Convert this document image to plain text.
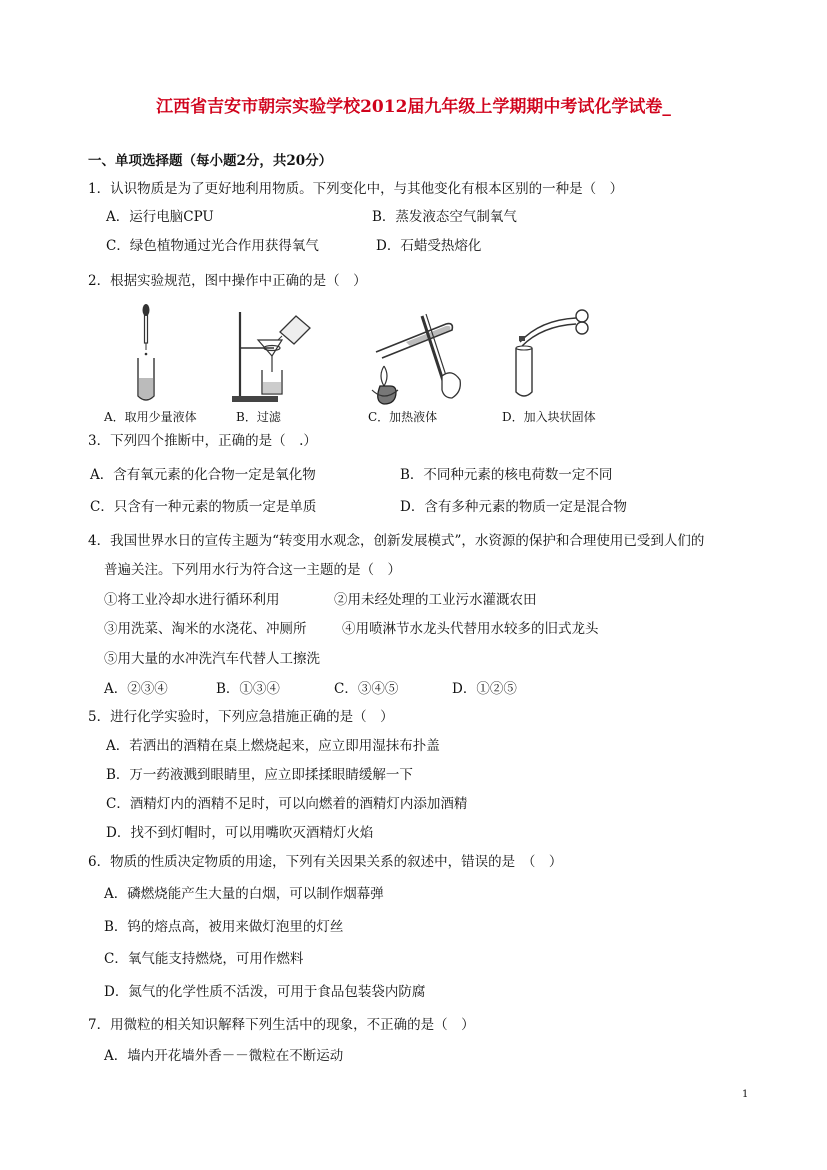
江西省吉安市朝宗实验学校2012届九年级上学期期中考试化学试卷_
一、单项选择题（每小题2分，共20分）
1．认识物质是为了更好地利用物质。下列变化中，与其他变化有根本区别的一种是（　）
A．运行电脑CPU	B．蒸发液态空气制氧气
C．绿色植物通过光合作用获得氧气	D．石蜡受热熔化
2．根据实验规范，图中操作中正确的是（　）
A．取用少量液体	B．过滤	C．加热液体	D．加入块状固体
3．下列四个推断中，正确的是（　.）
A．含有氧元素的化合物一定是氧化物	B．不同种元素的核电荷数一定不同
C．只含有一种元素的物质一定是单质	D．含有多种元素的物质一定是混合物
4．我国世界水日的宣传主题为“转变用水观念，创新发展模式”，水资源的保护和合理使用已受到人们的
普遍关注。下列用水行为符合这一主题的是（　）
①将工业冷却水进行循环利用	②用未经处理的工业污水灌溉农田
③用洗菜、淘米的水浇花、冲厕所	④用喷淋节水龙头代替用水较多的旧式龙头
⑤用大量的水冲洗汽车代替人工擦洗
A．②③④	B．①③④	C．③④⑤	D．①②⑤
5．进行化学实验时，下列应急措施正确的是（　）
A．若洒出的酒精在桌上燃烧起来，应立即用湿抹布扑盖
B．万一药液溅到眼睛里，应立即揉揉眼睛缓解一下
C．酒精灯内的酒精不足时，可以向燃着的酒精灯内添加酒精
D．找不到灯帽时，可以用嘴吹灭酒精灯火焰
6．物质的性质决定物质的用途，下列有关因果关系的叙述中，错误的是　（　）
A．磷燃烧能产生大量的白烟，可以制作烟幕弹
B．钨的熔点高，被用来做灯泡里的灯丝
C．氧气能支持燃烧，可用作燃料
D．氮气的化学性质不活泼，可用于食品包装袋内防腐
7．用微粒的相关知识解释下列生活中的现象，不正确的是（　）
A．墙内开花墙外香－－微粒在不断运动
1
